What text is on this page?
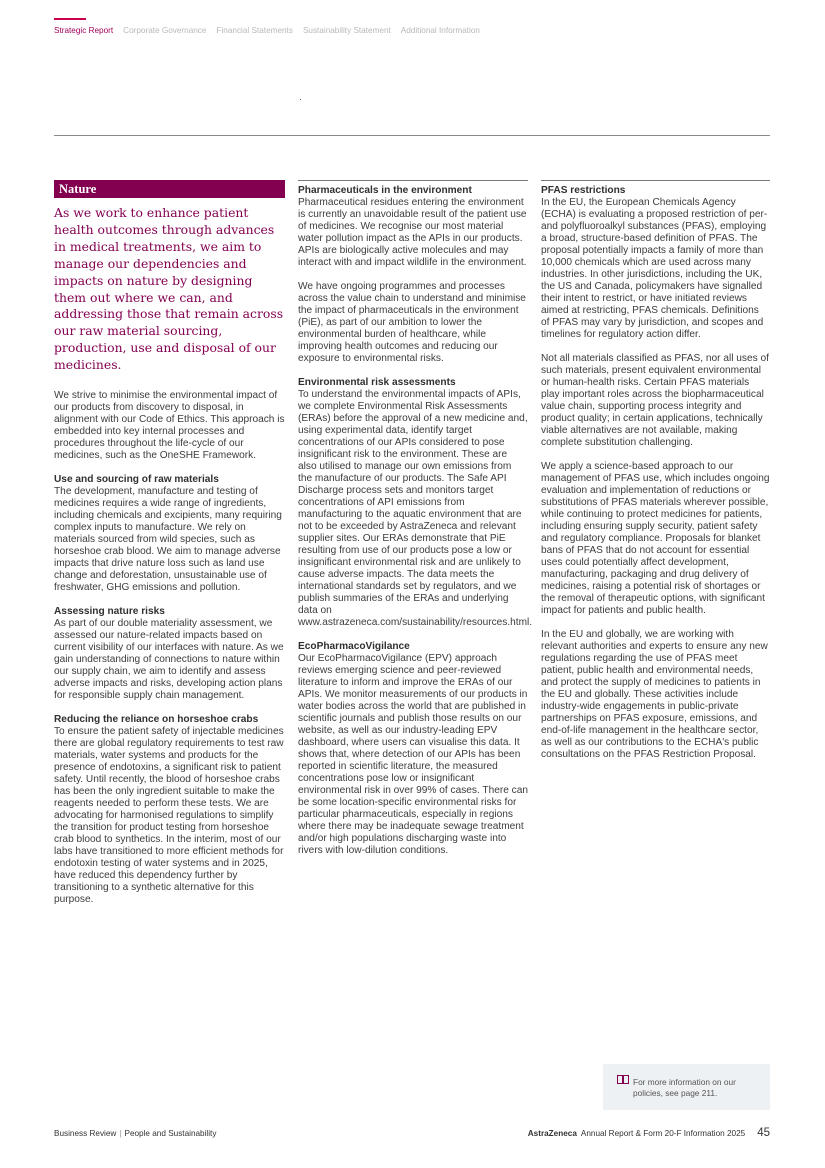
Strategic Report Corporate Governance Financial Statements Sustainability Statement Additional Information
Nature

As we work to enhance patient health outcomes through advances in medical treatments, we aim to manage our dependencies and impacts on nature by designing them out where we can, and addressing those that remain across our raw material sourcing, production, use and disposal of our medicines.

We strive to minimise the environmental impact of our products from discovery to disposal, in alignment with our Code of Ethics. This approach is embedded into key internal processes and procedures throughout the life-cycle of our medicines, such as the OneSHE Framework.

Use and sourcing of raw materials
The development, manufacture and testing of medicines requires a wide range of ingredients, including chemicals and excipients, many requiring complex inputs to manufacture. We rely on materials sourced from wild species, such as horseshoe crab blood. We aim to manage adverse impacts that drive nature loss such as land use change and deforestation, unsustainable use of freshwater, GHG emissions and pollution.
Assessing nature risks
As part of our double materiality assessment, we assessed our nature-related impacts based on current visibility of our interfaces with nature. As we gain understanding of connections to nature within our supply chain, we aim to identify and assess adverse impacts and risks, developing action plans for responsible supply chain management.
Reducing the reliance on horseshoe crabs
To ensure the patient safety of injectable medicines there are global regulatory requirements to test raw materials, water systems and products for the presence of endotoxins, a significant risk to patient safety. Until recently, the blood of horseshoe crabs has been the only ingredient suitable to make the reagents needed to perform these tests. We are advocating for harmonised regulations to simplify the transition for product testing from horseshoe crab blood to synthetics. In the interim, most of our labs have transitioned to more efficient methods for endotoxin testing of water systems and in 2025, have reduced this dependency further by transitioning to a synthetic alternative for this purpose.
Pharmaceuticals in the environment

Pharmaceutical residues entering the environment is currently an unavoidable result of the patient use of medicines. We recognise our most material water pollution impact as the APIs in our products. APIs are biologically active molecules and may interact with and impact wildlife in the environment.

We have ongoing programmes and processes across the value chain to understand and minimise the impact of pharmaceuticals in the environment (PiE), as part of our ambition to lower the environmental burden of healthcare, while improving health outcomes and reducing our exposure to environmental risks.

Environmental risk assessments
To understand the environmental impacts of APIs, we complete Environmental Risk Assessments (ERAs) before the approval of a new medicine and, using experimental data, identify target concentrations of our APIs considered to pose insignificant risk to the environment. These are also utilised to manage our own emissions from the manufacture of our products. The Safe API Discharge process sets and monitors target concentrations of API emissions from manufacturing to the aquatic environment that are not to be exceeded by AstraZeneca and relevant supplier sites. Our ERAs demonstrate that PiE resulting from use of our products pose a low or insignificant environmental risk and are unlikely to cause adverse impacts. The data meets the international standards set by regulators, and we publish summaries of the ERAs and underlying data on www.astrazeneca.com/sustainability/resources.html.
EcoPharmacoVigilance
Our EcoPharmacoVigilance (EPV) approach reviews emerging science and peer-reviewed literature to inform and improve the ERAs of our APIs. We monitor measurements of our products in water bodies across the world that are published in scientific journals and publish those results on our website, as well as our industry-leading EPV dashboard, where users can visualise this data. It shows that, where detection of our APIs has been reported in scientific literature, the measured concentrations pose low or insignificant environmental risk in over 99% of cases. There can be some location-specific environmental risks for particular pharmaceuticals, especially in regions where there may be inadequate sewage treatment and/or high populations discharging waste into rivers with low-dilution conditions.
PFAS restrictions

In the EU, the European Chemicals Agency (ECHA) is evaluating a proposed restriction of per- and polyfluoroalkyl substances (PFAS), employing a broad, structure-based definition of PFAS. The proposal potentially impacts a family of more than 10,000 chemicals which are used across many industries. In other jurisdictions, including the UK, the US and Canada, policymakers have signalled their intent to restrict, or have initiated reviews aimed at restricting, PFAS chemicals. Definitions of PFAS may vary by jurisdiction, and scopes and timelines for regulatory action differ.

Not all materials classified as PFAS, nor all uses of such materials, present equivalent environmental or human-health risks. Certain PFAS materials play important roles across the biopharmaceutical value chain, supporting process integrity and product quality; in certain applications, technically viable alternatives are not available, making complete substitution challenging.

We apply a science-based approach to our management of PFAS use, which includes ongoing evaluation and implementation of reductions or substitutions of PFAS materials wherever possible, while continuing to protect medicines for patients, including ensuring supply security, patient safety and regulatory compliance. Proposals for blanket bans of PFAS that do not account for essential uses could potentially affect development, manufacturing, packaging and drug delivery of medicines, raising a potential risk of shortages or the removal of therapeutic options, with significant impact for patients and public health.

In the EU and globally, we are working with relevant authorities and experts to ensure any new regulations regarding the use of PFAS meet patient, public health and environmental needs, and protect the supply of medicines to patients in the EU and globally. These activities include industry-wide engagements in public-private partnerships on PFAS exposure, emissions, and end-of-life management in the healthcare sector, as well as our contributions to the ECHA's public consultations on the PFAS Restriction Proposal.

For more information on our policies, see page 211.
Business Review | People and Sustainability	AstraZeneca Annual Report & Form 20-F Information 2025 45
